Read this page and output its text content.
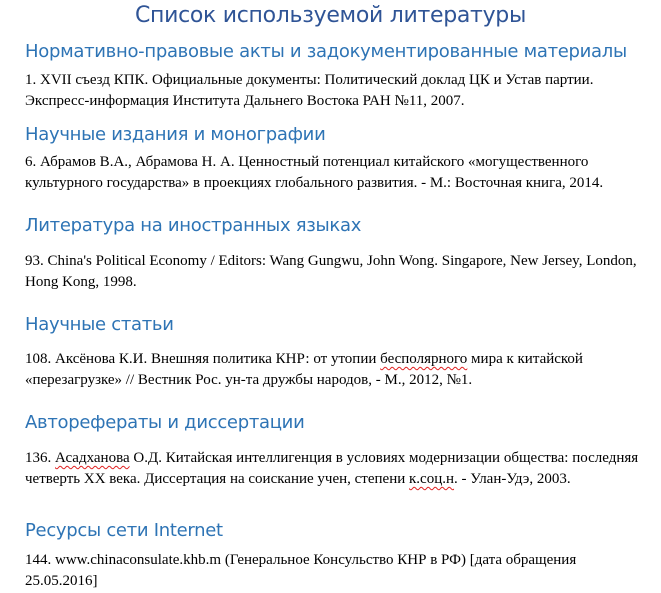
Список используемой литературы
Нормативно-правовые акты и задокументированные материалы
1. XVII съезд КПК. Официальные документы: Политический доклад ЦК и Устав партии. Экспресс-информация Института Дальнего Востока РАН №11, 2007.
Научные издания и монографии
6. Абрамов В.А., Абрамова Н. А. Ценностный потенциал китайского «могущественного культурного государства» в проекциях глобального развития. - М.: Восточная книга, 2014.
Литература на иностранных языках
93. China's Political Economy / Editors: Wang Gungwu, John Wong. Singapore, New Jersey, London, Hong Kong, 1998.
Научные статьи
108. Аксёнова К.И. Внешняя политика КНР: от утопии бесполярного мира к китайской «перезагрузке» // Вестник Рос. ун-та дружбы народов, - М., 2012, №1.
Авторефераты и диссертации
136. Асадханова О.Д. Китайская интеллигенция в условиях модернизации общества: последняя четверть XX века. Диссертация на соискание учен, степени к.соц.н. - Улан-Удэ, 2003.
Ресурсы сети Internet
144. www.chinaconsulate.khb.m (Генеральное Консульство КНР в РФ) [дата обращения 25.05.2016]
